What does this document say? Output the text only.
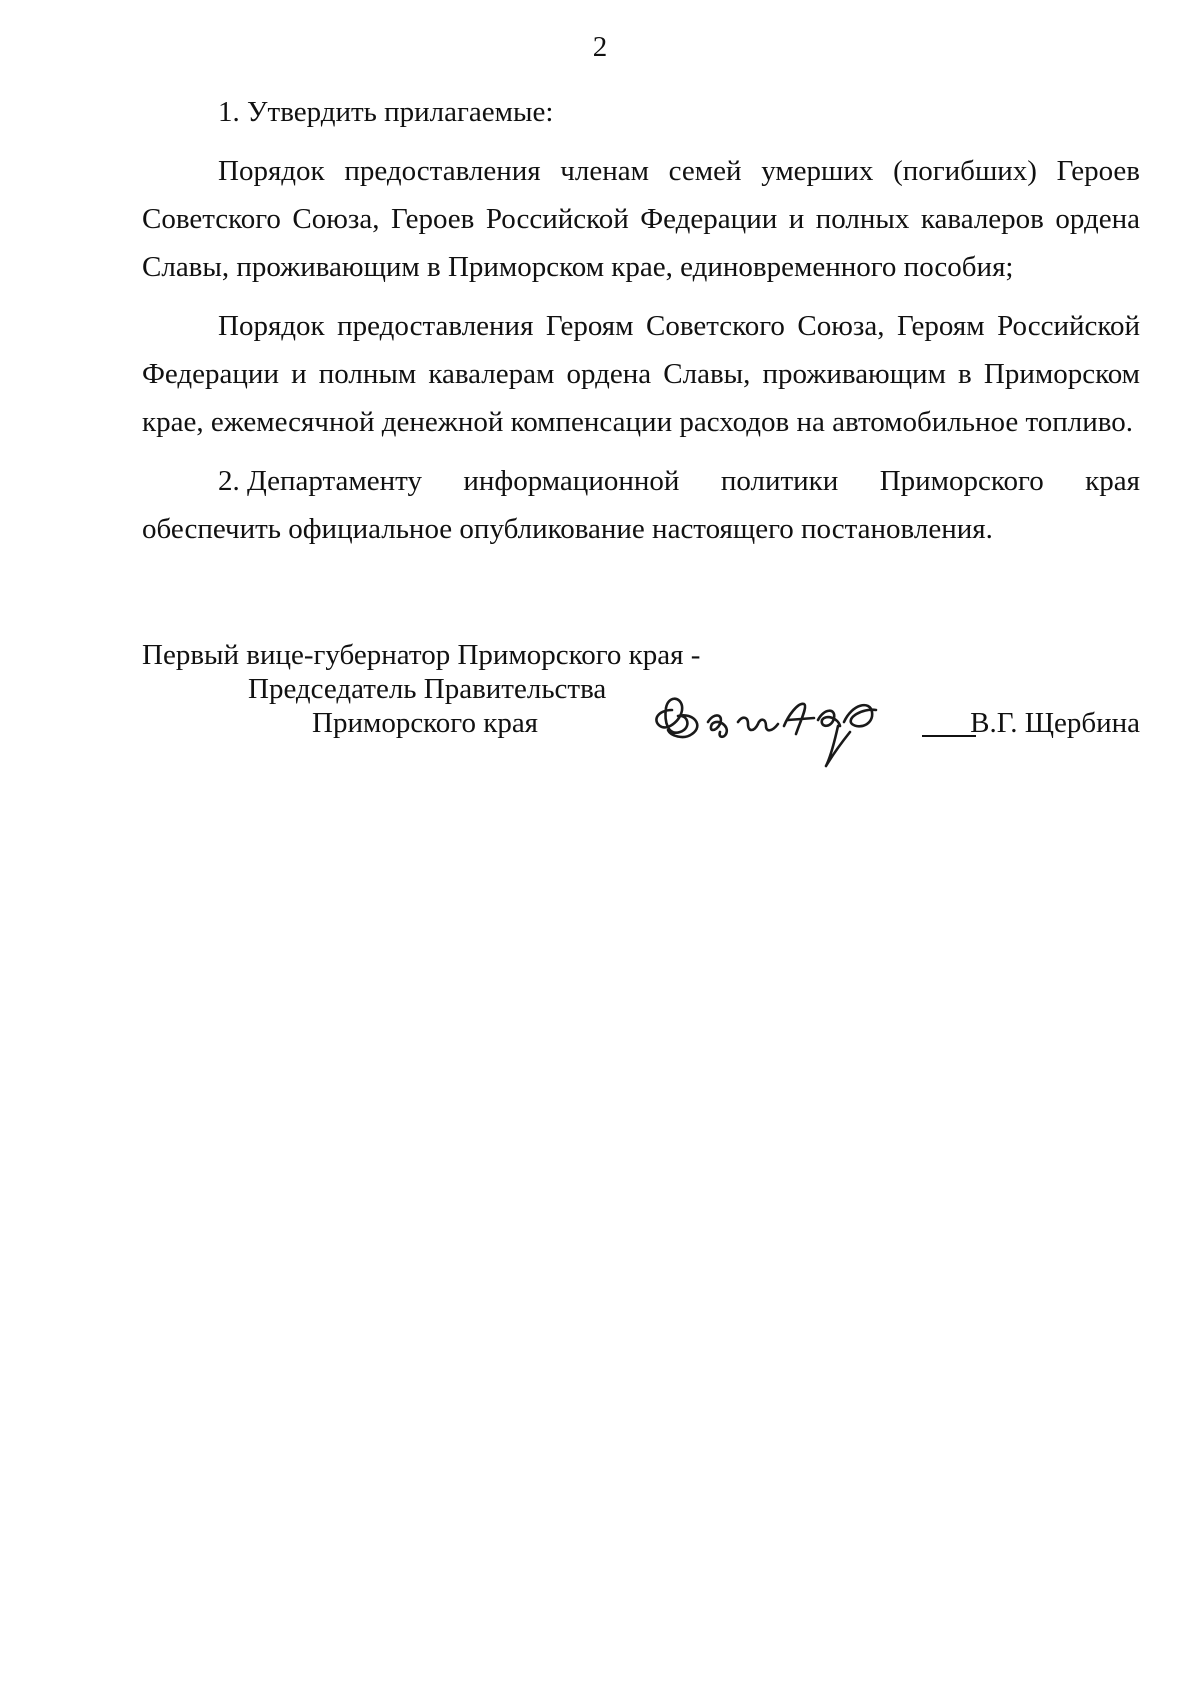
2

1. Утвердить прилагаемые:

Порядок предоставления членам семей умерших (погибших) Героев Советского Союза, Героев Российской Федерации и полных кавалеров ордена Славы, проживающим в Приморском крае, единовременного пособия;

Порядок предоставления Героям Советского Союза, Героям Российской Федерации и полным кавалерам ордена Славы, проживающим в Приморском крае, ежемесячной денежной компенсации расходов на автомобильное топливо.

2. Департаменту информационной политики Приморского края
обеспечить официальное опубликование настоящего постановления.
Первый вице-губернатор Приморского края -
Председатель Правительства
Приморского края	В.Г. Щербина
